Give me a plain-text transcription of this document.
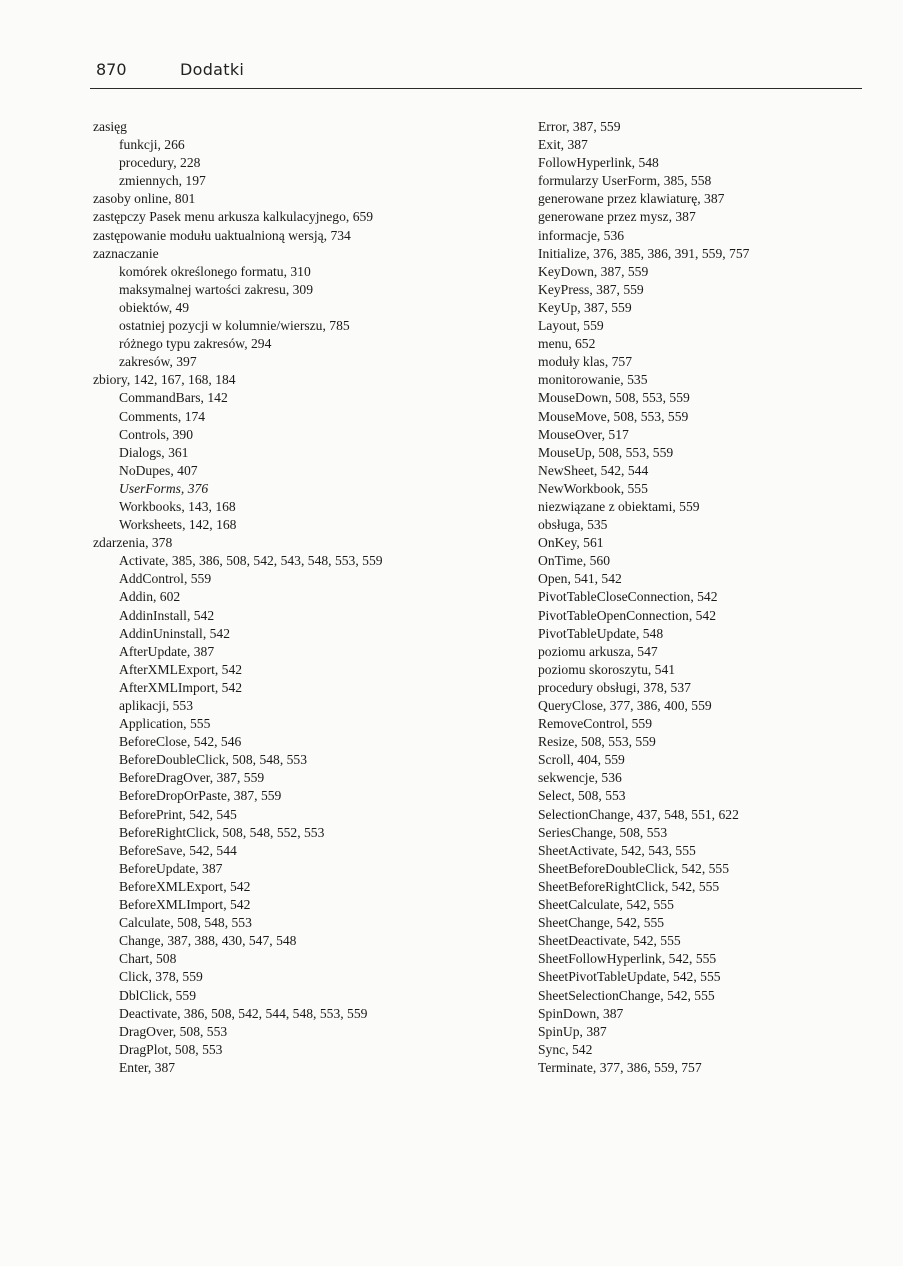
870	Dodatki
zasięg
funkcji, 266
procedury, 228
zmiennych, 197
zasoby online, 801
zastępczy Pasek menu arkusza kalkulacyjnego, 659
zastępowanie modułu uaktualnioną wersją, 734
zaznaczanie
komórek określonego formatu, 310
maksymalnej wartości zakresu, 309
obiektów, 49
ostatniej pozycji w kolumnie/wierszu, 785
różnego typu zakresów, 294
zakresów, 397
zbiory, 142, 167, 168, 184
CommandBars, 142
Comments, 174
Controls, 390
Dialogs, 361
NoDupes, 407
UserForms, 376
Workbooks, 143, 168
Worksheets, 142, 168
zdarzenia, 378
Activate, 385, 386, 508, 542, 543, 548, 553, 559
AddControl, 559
Addin, 602
AddinInstall, 542
AddinUninstall, 542
AfterUpdate, 387
AfterXMLExport, 542
AfterXMLImport, 542
aplikacji, 553
Application, 555
BeforeClose, 542, 546
BeforeDoubleClick, 508, 548, 553
BeforeDragOver, 387, 559
BeforeDropOrPaste, 387, 559
BeforePrint, 542, 545
BeforeRightClick, 508, 548, 552, 553
BeforeSave, 542, 544
BeforeUpdate, 387
BeforeXMLExport, 542
BeforeXMLImport, 542
Calculate, 508, 548, 553
Change, 387, 388, 430, 547, 548
Chart, 508
Click, 378, 559
DblClick, 559
Deactivate, 386, 508, 542, 544, 548, 553, 559
DragOver, 508, 553
DragPlot, 508, 553
Enter, 387
Error, 387, 559
Exit, 387
FollowHyperlink, 548
formularzy UserForm, 385, 558
generowane przez klawiaturę, 387
generowane przez mysz, 387
informacje, 536
Initialize, 376, 385, 386, 391, 559, 757
KeyDown, 387, 559
KeyPress, 387, 559
KeyUp, 387, 559
Layout, 559
menu, 652
moduły klas, 757
monitorowanie, 535
MouseDown, 508, 553, 559
MouseMove, 508, 553, 559
MouseOver, 517
MouseUp, 508, 553, 559
NewSheet, 542, 544
NewWorkbook, 555
niezwiązane z obiektami, 559
obsługa, 535
OnKey, 561
OnTime, 560
Open, 541, 542
PivotTableCloseConnection, 542
PivotTableOpenConnection, 542
PivotTableUpdate, 548
poziomu arkusza, 547
poziomu skoroszytu, 541
procedury obsługi, 378, 537
QueryClose, 377, 386, 400, 559
RemoveControl, 559
Resize, 508, 553, 559
Scroll, 404, 559
sekwencje, 536
Select, 508, 553
SelectionChange, 437, 548, 551, 622
SeriesChange, 508, 553
SheetActivate, 542, 543, 555
SheetBeforeDoubleClick, 542, 555
SheetBeforeRightClick, 542, 555
SheetCalculate, 542, 555
SheetChange, 542, 555
SheetDeactivate, 542, 555
SheetFollowHyperlink, 542, 555
SheetPivotTableUpdate, 542, 555
SheetSelectionChange, 542, 555
SpinDown, 387
SpinUp, 387
Sync, 542
Terminate, 377, 386, 559, 757
